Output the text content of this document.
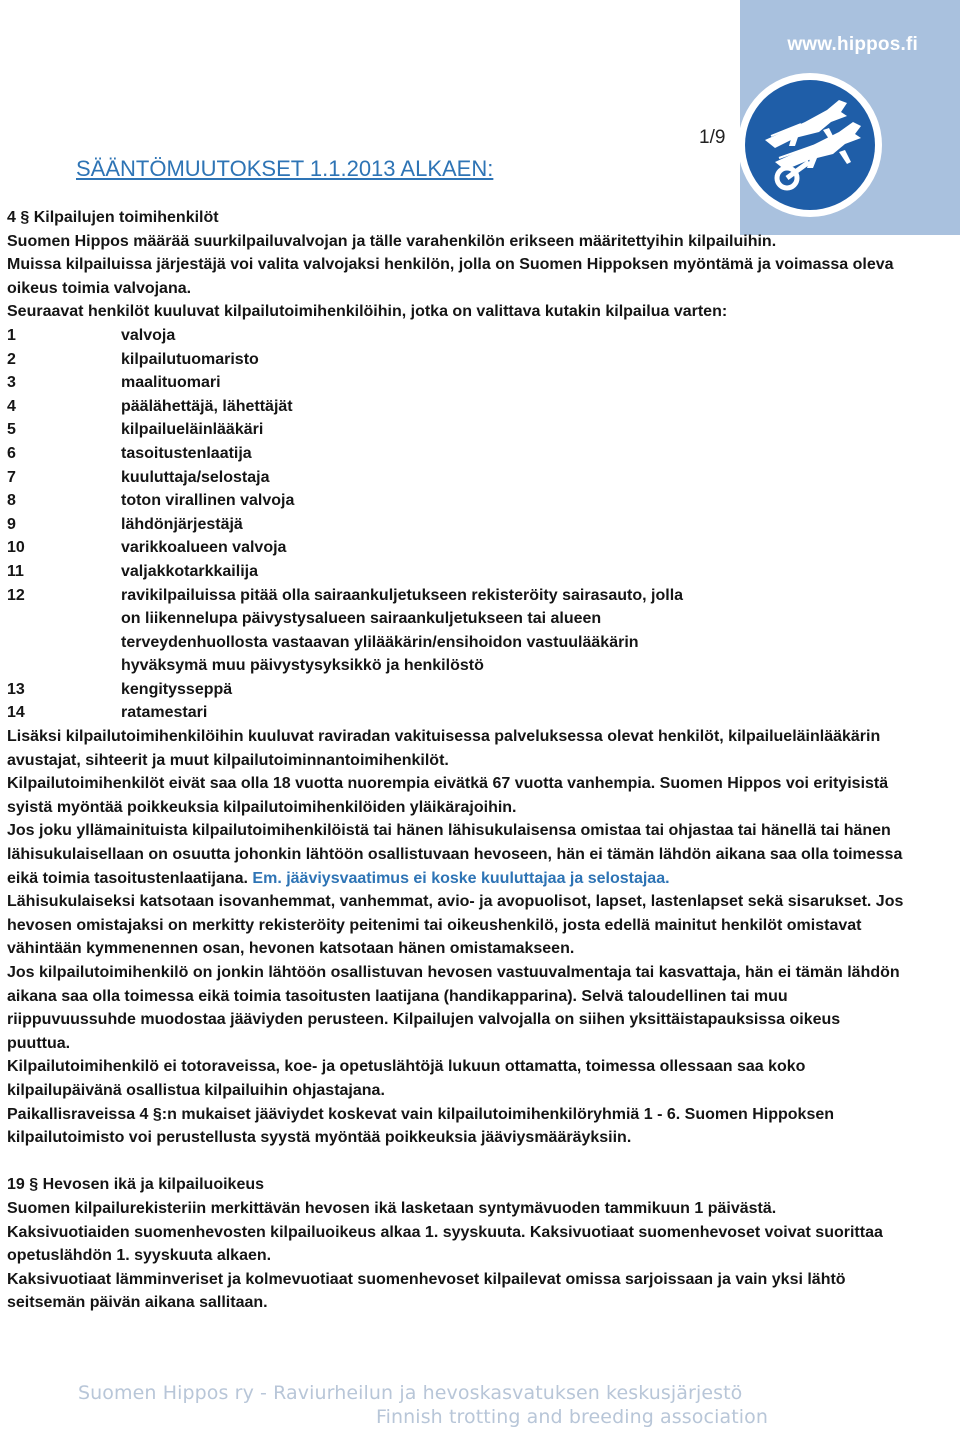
www.hippos.fi
1/9
SÄÄNTÖMUUTOKSET 1.1.2013 ALKAEN:

4 § Kilpailujen toimihenkilöt

Suomen Hippos määrää suurkilpailuvalvojan ja tälle varahenkilön erikseen määritettyihin kilpailuihin.

Muissa kilpailuissa järjestäjä voi valita valvojaksi henkilön, jolla on Suomen Hippoksen myöntämä ja voimassa oleva oikeus toimia valvojana.

Seuraavat henkilöt kuuluvat kilpailutoimihenkilöihin, jotka on valittava kutakin kilpailua varten:

1	valvoja
2	kilpailutuomaristo
3	maalituomari
4	päälähettäjä, lähettäjät
5	kilpailueläinlääkäri
6	tasoitustenlaatija
7	kuuluttaja/selostaja
8	toton virallinen valvoja
9	lähdönjärjestäjä
10	varikkoalueen valvoja
11	valjakkotarkkailija
12	ravikilpailuissa pitää olla sairaankuljetukseen rekisteröity sairasauto, jolla on liikennelupa päivystysalueen sairaankuljetukseen tai alueen terveydenhuollosta vastaavan ylilääkärin/ensihoidon vastuulääkärin hyväksymä muu päivystysyksikkö ja henkilöstö
13	kengitysseppä
14	ratamestari

Lisäksi kilpailutoimihenkilöihin kuuluvat raviradan vakituisessa palveluksessa olevat henkilöt, kilpailueläinlääkärin avustajat, sihteerit ja muut kilpailutoiminnantoimihenkilöt.

Kilpailutoimihenkilöt eivät saa olla 18 vuotta nuorempia eivätkä 67 vuotta vanhempia. Suomen Hippos voi erityisistä syistä myöntää poikkeuksia kilpailutoimihenkilöiden yläikärajoihin.

Jos joku yllämainituista kilpailutoimihenkilöistä tai hänen lähisukulaisensa omistaa tai ohjastaa tai hänellä tai hänen lähisukulaisellaan on osuutta johonkin lähtöön osallistuvaan hevoseen, hän ei tämän lähdön aikana saa olla toimessa eikä toimia tasoitustenlaatijana. Em. jääviysvaatimus ei koske kuuluttajaa ja selostajaa.

Lähisukulaiseksi katsotaan isovanhemmat, vanhemmat, avio- ja avopuolisot, lapset, lastenlapset sekä sisarukset. Jos hevosen omistajaksi on merkitty rekisteröity peitenimi tai oikeushenkilö, josta edellä mainitut henkilöt omistavat vähintään kymmenennen osan, hevonen katsotaan hänen omistamakseen.

Jos kilpailutoimihenkilö on jonkin lähtöön osallistuvan hevosen vastuuvalmentaja tai kasvattaja, hän ei tämän lähdön aikana saa olla toimessa eikä toimia tasoitusten laatijana (handikapparina). Selvä taloudellinen tai muu riippuvuussuhde muodostaa jääviyden perusteen. Kilpailujen valvojalla on siihen yksittäistapauksissa oikeus puuttua.

Kilpailutoimihenkilö ei totoraveissa, koe- ja opetuslähtöjä lukuun ottamatta, toimessa ollessaan saa koko kilpailupäivänä osallistua kilpailuihin ohjastajana.

Paikallisraveissa 4 §:n mukaiset jääviydet koskevat vain kilpailutoimihenkilöryhmiä 1 - 6. Suomen Hippoksen kilpailutoimisto voi perustellusta syystä myöntää poikkeuksia jääviysmääräyksiin.

19 § Hevosen ikä ja kilpailuoikeus

Suomen kilpailurekisteriin merkittävän hevosen ikä lasketaan syntymävuoden tammikuun 1 päivästä.

Kaksivuotiaiden suomenhevosten kilpailuoikeus alkaa 1. syyskuuta. Kaksivuotiaat suomenhevoset voivat suorittaa opetuslähdön 1. syyskuuta alkaen.

Kaksivuotiaat lämminveriset ja kolmevuotiaat suomenhevoset kilpailevat omissa sarjoissaan ja vain yksi lähtö seitsemän päivän aikana sallitaan.

Suomen Hippos ry - Raviurheilun ja hevoskasvatuksen keskusjärjestö
Finnish trotting and breeding association
